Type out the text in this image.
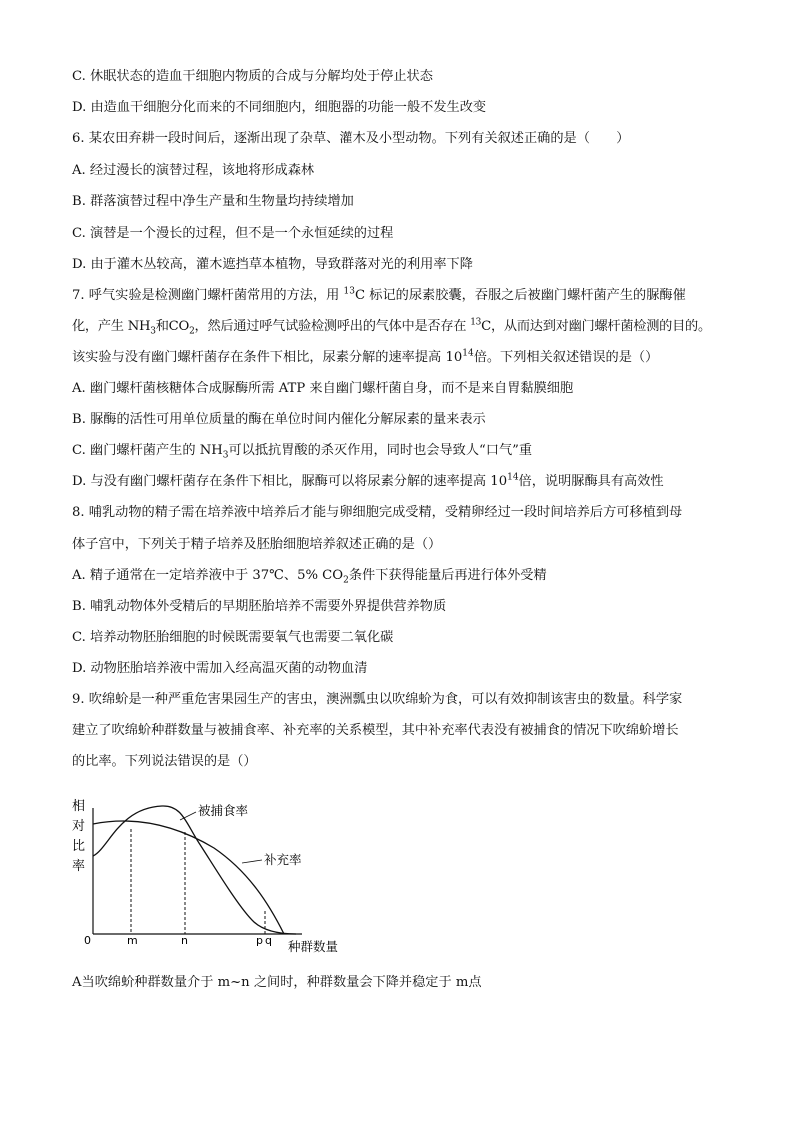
C. 休眠状态的造血干细胞内物质的合成与分解均处于停止状态
D. 由造血干细胞分化而来的不同细胞内，细胞器的功能一般不发生改变
6. 某农田弃耕一段时间后，逐渐出现了杂草、灌木及小型动物。下列有关叙述正确的是（　　）
A. 经过漫长的演替过程，该地将形成森林
B. 群落演替过程中净生产量和生物量均持续增加
C. 演替是一个漫长的过程，但不是一个永恒延续的过程
D. 由于灌木丛较高，灌木遮挡草本植物，导致群落对光的利用率下降
7. 呼气实验是检测幽门螺杆菌常用的方法，用 $^{13}$C 标记的尿素胶囊，吞服之后被幽门螺杆菌产生的脲酶催
化，产生 $NH_3$和$CO_2$，然后通过呼气试验检测呼出的气体中是否存在 $^{13}$C，从而达到对幽门螺杆菌检测的目的。
该实验与没有幽门螺杆菌存在条件下相比，尿素分解的速率提高 $10^{14}$倍。下列相关叙述错误的是（）
A. 幽门螺杆菌核糖体合成脲酶所需 ATP 来自幽门螺杆菌自身，而不是来自胃黏膜细胞
B. 脲酶的活性可用单位质量的酶在单位时间内催化分解尿素的量来表示
C. 幽门螺杆菌产生的 $NH_3$可以抵抗胃酸的杀灭作用，同时也会导致人“口气”重
D. 与没有幽门螺杆菌存在条件下相比，脲酶可以将尿素分解的速率提高 $10^{14}$倍，说明脲酶具有高效性
8. 哺乳动物的精子需在培养液中培养后才能与卵细胞完成受精，受精卵经过一段时间培养后方可移植到母
体子宫中，下列关于精子培养及胚胎细胞培养叙述正确的是（）
A. 精子通常在一定培养液中于 37℃、5% $CO_2$条件下获得能量后再进行体外受精
B. 哺乳动物体外受精后的早期胚胎培养不需要外界提供营养物质
C. 培养动物胚胎细胞的时候既需要氧气也需要二氧化碳
D. 动物胚胎培养液中需加入经高温灭菌的动物血清
9. 吹绵蚧是一种严重危害果园生产的害虫，澳洲瓢虫以吹绵蚧为食，可以有效抑制该害虫的数量。科学家
建立了吹绵蚧种群数量与被捕食率、补充率的关系模型，其中补充率代表没有被捕食的情况下吹绵蚧增长
的比率。下列说法错误的是（）
相
对
比
率
被捕食率
补充率
0	m	n	p q 种群数量
A当吹绵蚧种群数量介于 m~n 之间时，种群数量会下降并稳定于 m点
